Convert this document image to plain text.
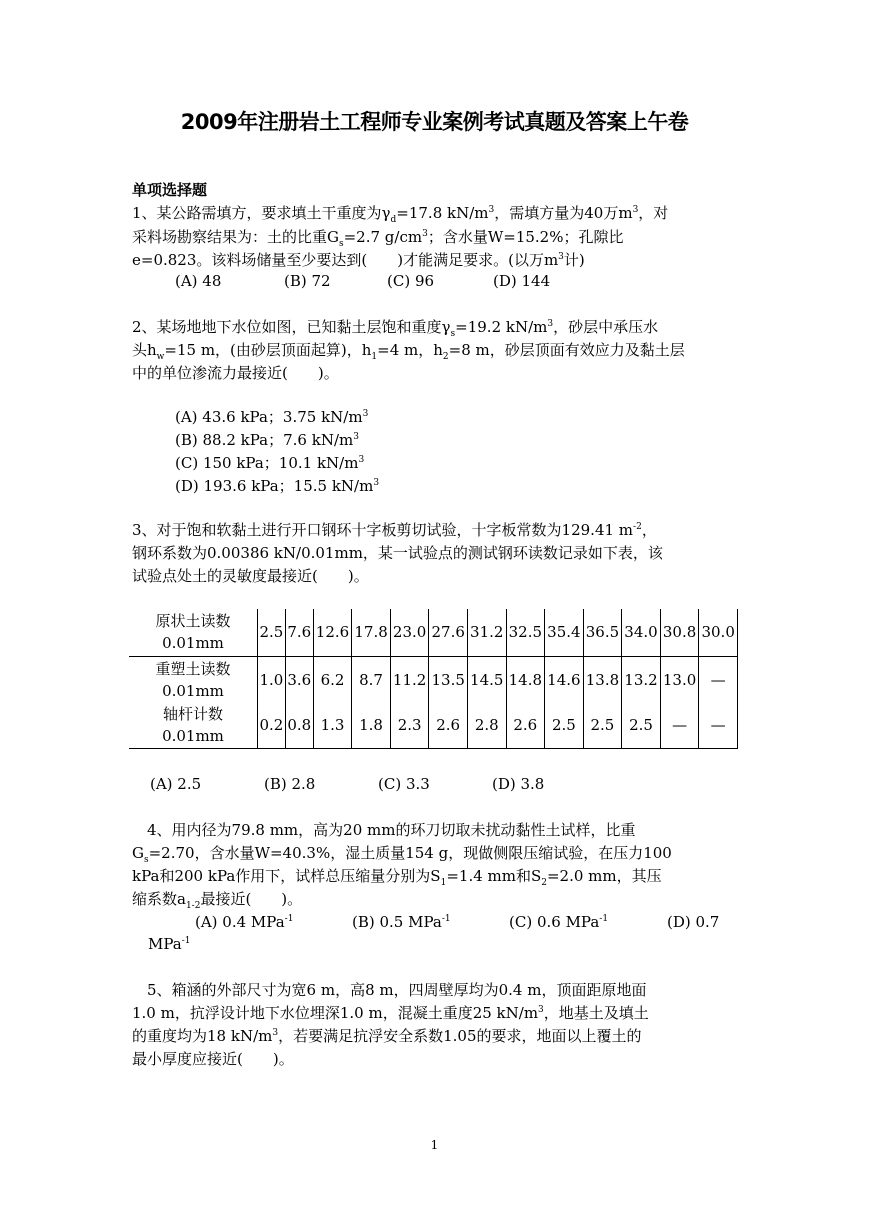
2009年注册岩土工程师专业案例考试真题及答案上午卷
单项选择题
1、某公路需填方，要求填土干重度为$\gamma_d=17.8$ $kN/m^3$，需填方量为40万$m^3$，对
采料场勘察结果为：土的比重$G_s=2.7$ $g/cm^3$；含水量W=15.2%；孔隙比
e=0.823。该料场储量至少要达到(　　)才能满足要求。(以万$m^3$计)
(A) 48	(B) 72	(C) 96	(D) 144
2、某场地地下水位如图，已知黏土层饱和重度$\gamma_s=19.2$ $kN/m^3$，砂层中承压水
头$h_w=15$ m，(由砂层顶面起算)，$h_1=4$ m，$h_2=8$ m，砂层顶面有效应力及黏土层
中的单位渗流力最接近(　　)。
(A) 43.6 kPa；3.75 $kN/m^3$
(B) 88.2 kPa；7.6 $kN/m^3$
(C) 150 kPa；10.1 $kN/m^3$
(D) 193.6 kPa；15.5 $kN/m^3$
3、对于饱和软黏土进行开口钢环十字板剪切试验，十字板常数为129.41 $m^{-2}$，
钢环系数为0.00386 kN/0.01mm，某一试验点的测试钢环读数记录如下表，该
试验点处土的灵敏度最接近(　　)。
原状土读数
0.01mm	2.5	7.6	12.6	17.8	23.0	27.6	31.2	32.5	35.4	36.5	34.0	30.8	30.0

重塑土读数
0.01mm	1.0	3.6	6.2	8.7	11.2	13.5	14.5	14.8	14.6	13.8	13.2	13.0	—

轴杆计数
0.01mm	0.2	0.8	1.3	1.8	2.3	2.6	2.8	2.6	2.5	2.5	2.5	—	—
(A) 2.5	(B) 2.8	(C) 3.3	(D) 3.8
4、用内径为79.8 mm，高为20 mm的环刀切取未扰动黏性土试样，比重
$G_s=2.70$，含水量W=40.3%，湿土质量154 g，现做侧限压缩试验，在压力100
kPa和200 kPa作用下，试样总压缩量分别为$S_1=1.4$ mm和$S_2=2.0$ mm，其压
缩系数$a_{1-2}$最接近(　　)。
(A) 0.4 MPa$^{-1}$	(B) 0.5 MPa$^{-1}$	(C) 0.6 MPa$^{-1}$	(D) 0.7
MPa$^{-1}$
5、箱涵的外部尺寸为宽6 m，高8 m，四周壁厚均为0.4 m，顶面距原地面
1.0 m，抗浮设计地下水位埋深1.0 m，混凝土重度25 $kN/m^3$，地基土及填土
的重度均为18 $kN/m^3$，若要满足抗浮安全系数1.05的要求，地面以上覆土的
最小厚度应接近(　　)。
1
